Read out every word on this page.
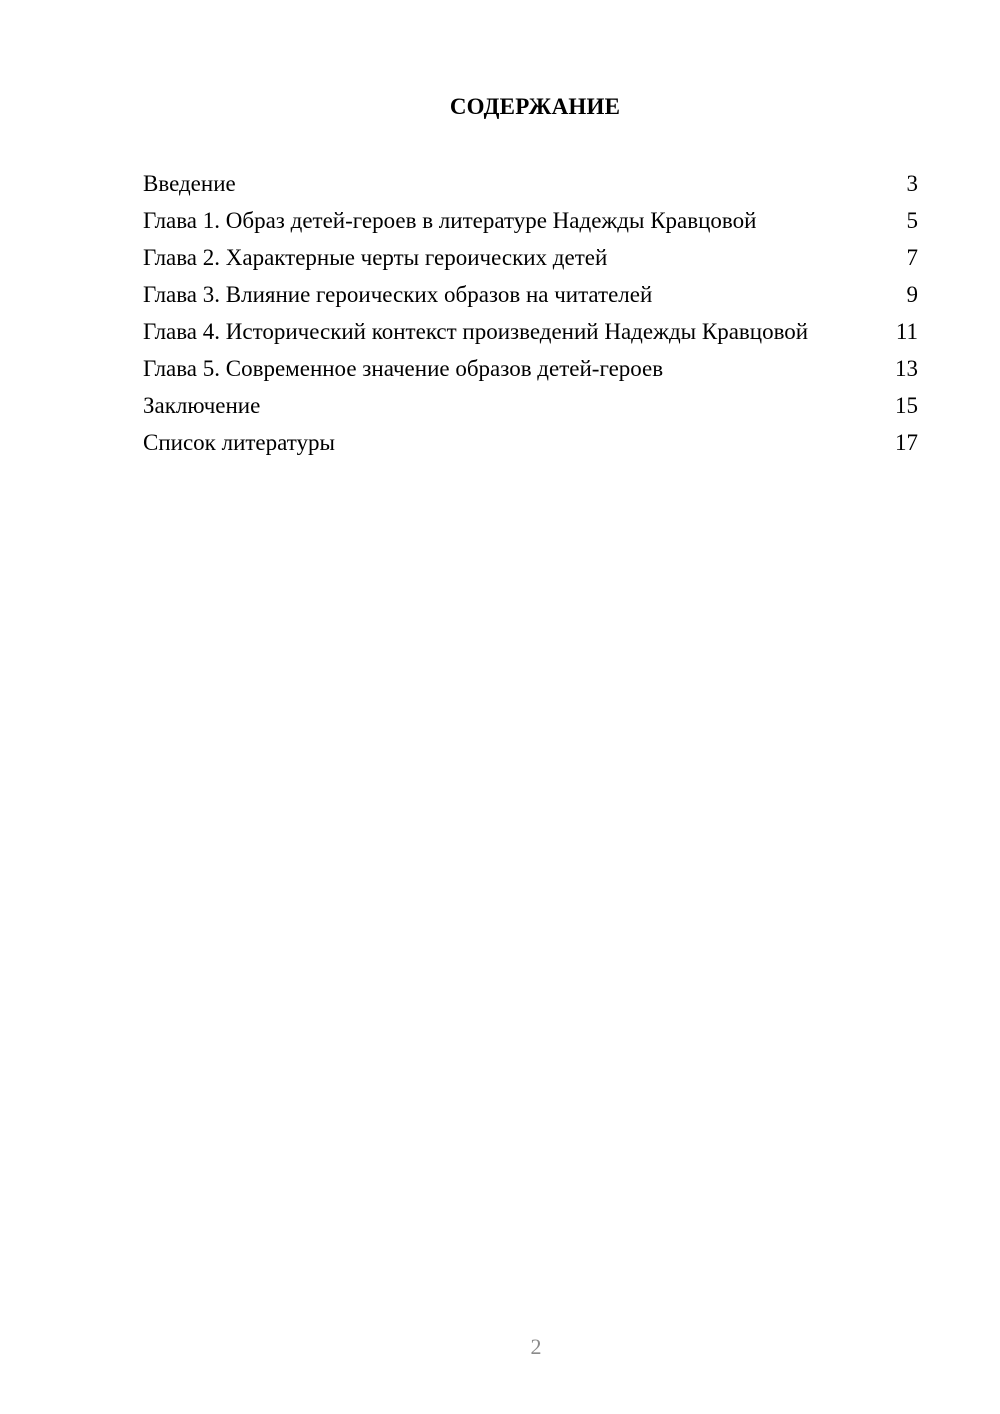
СОДЕРЖАНИЕ
Введение	3
Глава 1. Образ детей-героев в литературе Надежды Кравцовой	5
Глава 2. Характерные черты героических детей	7
Глава 3. Влияние героических образов на читателей	9
Глава 4. Исторический контекст произведений Надежды Кравцовой	11
Глава 5. Современное значение образов детей-героев	13
Заключение	15
Список литературы	17
2
